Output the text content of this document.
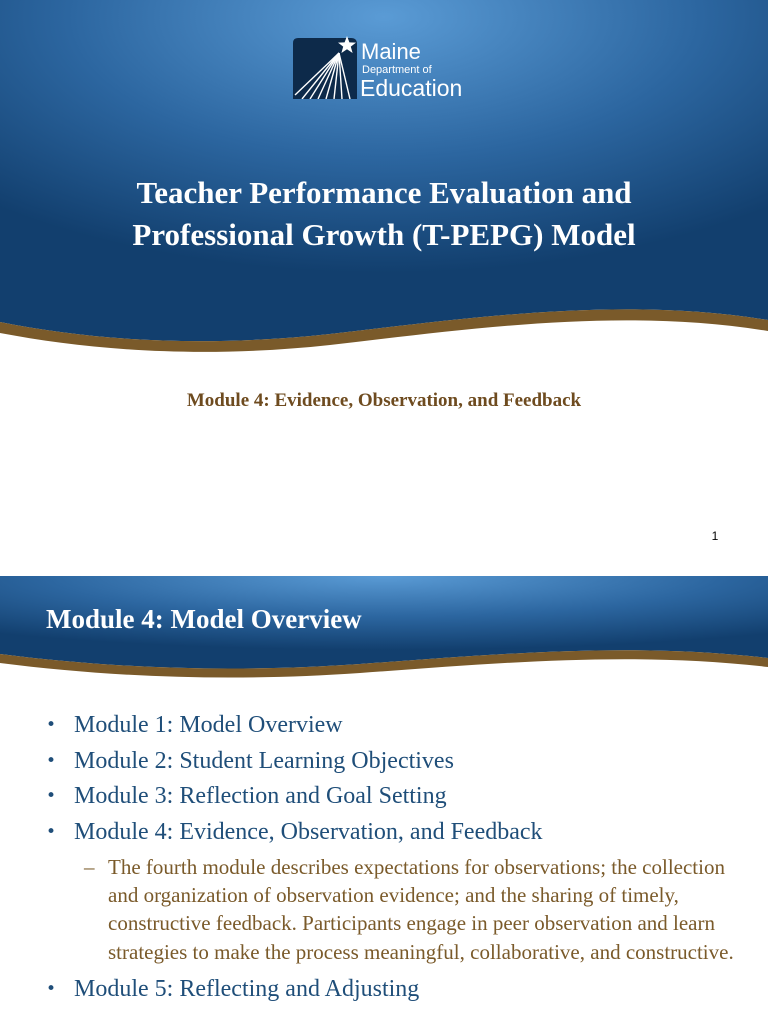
Maine
Department of
Education
Teacher Performance Evaluation and
Professional Growth (T-PEPG) Model
Module 4: Evidence, Observation, and Feedback
1
Module 4: Model Overview
• Module 1: Model Overview
• Module 2: Student Learning Objectives
• Module 3: Reflection and Goal Setting
• Module 4: Evidence, Observation, and Feedback
– The fourth module describes expectations for observations; the collection and organization of observation evidence; and the sharing of timely, constructive feedback. Participants engage in peer observation and learn strategies to make the process meaningful, collaborative, and constructive.
• Module 5: Reflecting and Adjusting
